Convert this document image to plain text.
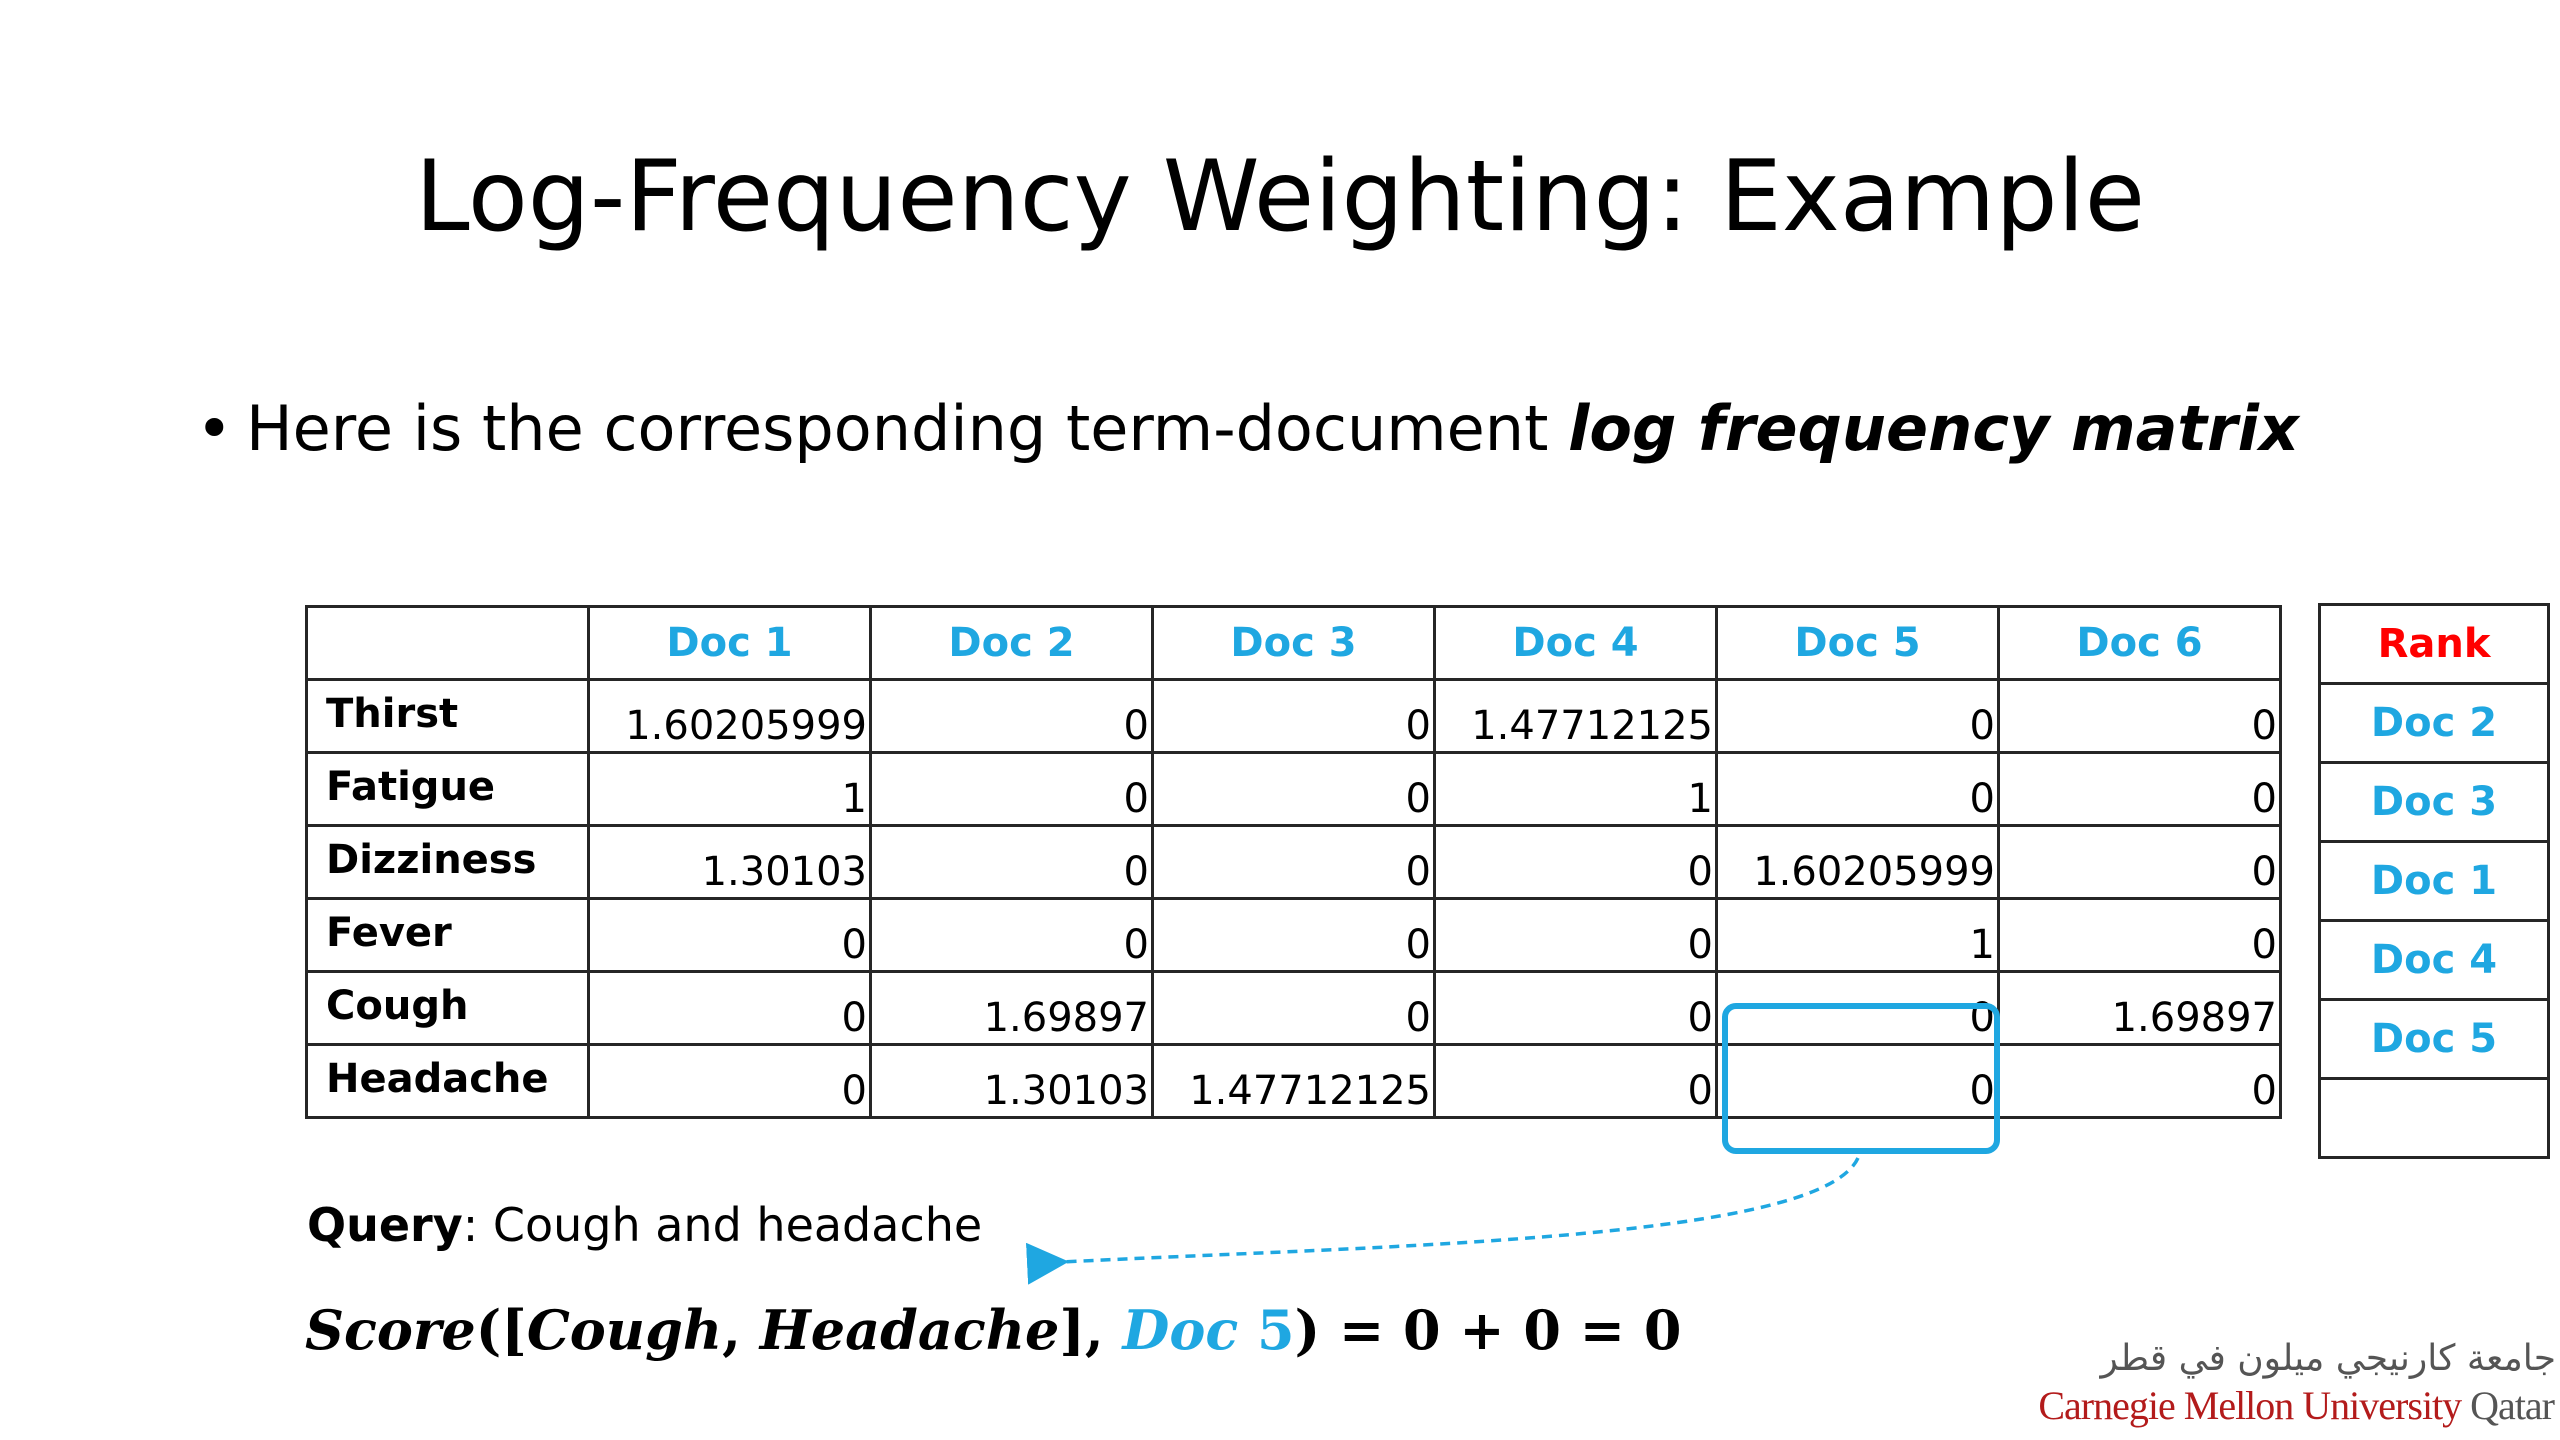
Log-Frequency Weighting: Example
• Here is the corresponding term-document log frequency matrix
	Doc 1	Doc 2	Doc 3	Doc 4	Doc 5	Doc 6
Thirst	1.60205999	0	0	1.47712125	0	0
Fatigue	1	0	0	1	0	0
Dizziness	1.30103	0	0	0	1.60205999	0
Fever	0	0	0	0	1	0
Cough	0	1.69897	0	0	0	1.69897
Headache	0	1.30103	1.47712125	0	0	0
Rank
Doc 2
Doc 3
Doc 1
Doc 4
Doc 5

Query: Cough and headache
Score([Cough, Headache], Doc 5) = 0 + 0 = 0	جامعة كارنيجي ميلون في قطر
Carnegie Mellon University Qatar
